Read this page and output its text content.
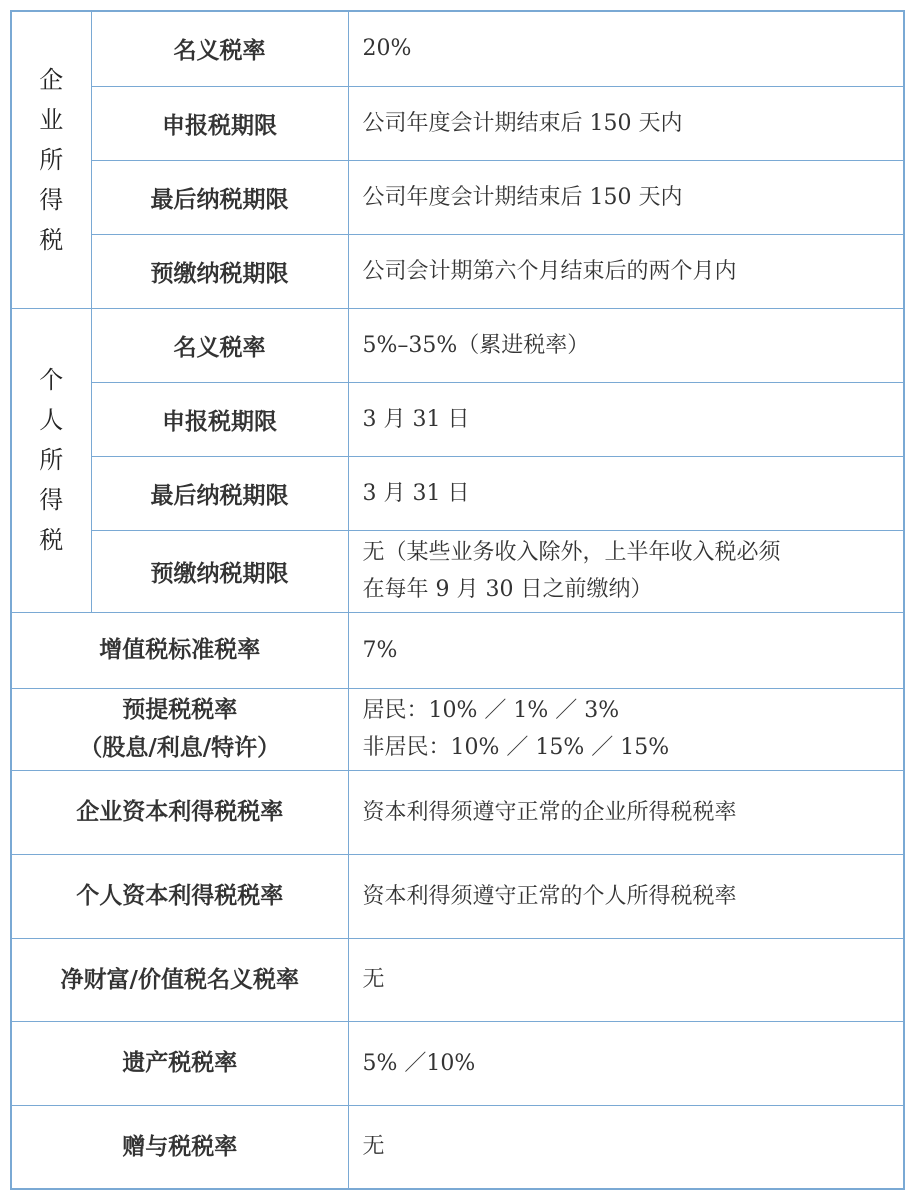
企
业
所
得
税	名义税率	20%
	申报税期限	公司年度会计期结束后 150 天内
	最后纳税期限	公司年度会计期结束后 150 天内
	预缴纳税期限	公司会计期第六个月结束后的两个月内
个
人
所
得
税	名义税率	5%–35%（累进税率）
	申报税期限	3 月 31 日
	最后纳税期限	3 月 31 日
	预缴纳税期限	无（某些业务收入除外，上半年收入税必须
在每年 9 月 30 日之前缴纳）
增值税标准税率		7%
预提税税率
（股息/利息/特许）		居民：10% ／ 1% ／ 3%
非居民：10% ／ 15% ／ 15%
企业资本利得税税率		资本利得须遵守正常的企业所得税税率
个人资本利得税税率		资本利得须遵守正常的个人所得税税率
净财富/价值税名义税率		无
遗产税税率		5% ／10%
赠与税税率		无
